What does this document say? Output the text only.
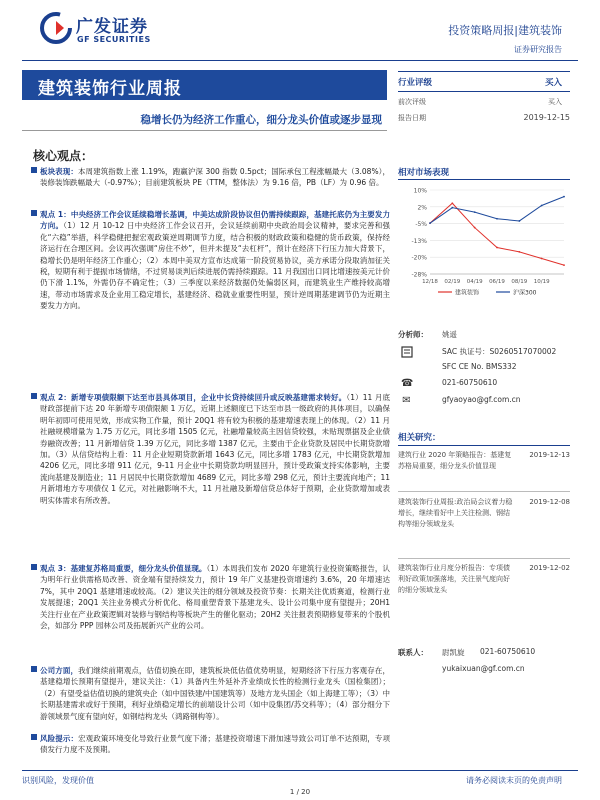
广发证券
GF SECURITIES
投资策略周报|建筑装饰
证券研究报告
建筑装饰行业周报
稳增长仍为经济工作重心，细分龙头价值或逐步显现
核心观点：
板块表现：本周建筑指数上涨 1.19%，跑赢沪深 300 指数 0.5pct；国际承包工程涨幅最大（3.08%），装修装饰跌幅最大（-0.97%）；目前建筑板块 PE（TTM，整体法）为 9.16 倍，PB（LF）为 0.96 倍。
观点 1：中央经济工作会议延续稳增长基调，中美达成阶段协议但仍需持续跟踪，基建托底仍为主要发力方向。（1）12 月 10-12 日中央经济工作会议召开，会议延续前期中央政治局会议精神，要求完善和强化“六稳”举措，科学稳健把握宏观政策逆周期调节力度，结合积极的财政政策和稳健的货币政策，保持经济运行在合理区间。会议再次强调“房住不炒”，但并未提及“去杠杆”，预计在经济下行压力加大背景下，稳增长仍是明年经济工作重心；（2）本周中美双方宣布达成第一阶段贸易协议，美方承诺分段取消加征关税，短期有利于提振市场情绪，不过贸易谈判后续进展仍需持续跟踪。11 月我国出口同比增速按美元计价仍下滑 1.1%，外需仍存不确定性；（3）三季度以来经济数据仍处偏弱区间，而建筑业生产维持较高增速，带动市场需求及企业用工稳定增长，基建经济、稳就业重要性明显，预计逆周期基建调节仍为近期主要发力方向。
观点 2：新增专项债限额下达至市县具体项目，企业中长贷持续回升或反映基建需求转好。（1）11 月底财政部提前下达 20 年新增专项债限额 1 万亿，近期上述额度已下达至市县一级政府的具体项目，以确保明年初即可使用见效，形成实物工作量，预计 20Q1 将有较为积极的基建增速表现上的体现。（2）11 月社融规模增量为 1.75 万亿元，同比多增 1505 亿元，社融增量较高主因信贷较强，未贴现票据及企业债券融资改善；11 月新增信贷 1.39 万亿元，同比多增 1387 亿元，主要由于企业贷款及居民中长期贷款增加。（3）从信贷结构上看：11 月企业短期贷款新增 1643 亿元，同比多增 1783 亿元，中长期贷款增加 4206 亿元，同比多增 911 亿元，9-11 月企业中长期贷款均明显回升，预计受政策支持实体影响，主要流向基建及制造业；11 月居民中长期贷款增加 4689 亿元，同比多增 298 亿元，预计主要流向地产；11 月新增地方专项债仅 1 亿元，对社融影响不大，11 月社融及新增信贷总体好于预期，企业贷款增加或表明实体需求有所改善。
观点 3：基建复苏格局重要，细分龙头价值显现。（1）本周我们发布 2020 年建筑行业投资策略报告，认为明年行业供需格局改善、资金端有望持续发力，预计 19 年广义基建投资增速约 3.6%，20 年增速达 7%，其中 20Q1 基建增速或较高。（2）建议关注的细分领域及投资节奏：长期关注优质赛道，检测行业发展提速；20Q1 关注业务模式分析优化、格局重塑背景下基建龙头、设计公司集中度有望提升；20H1 关注行业在产业政策逻辑对装修与钢结构等板块产生的催化驱动；20H2 关注报表预期修复带来的个股机会，如部分 PPP 园林公司及拓展新兴产业的公司。
公司方面，我们继续前期观点，估值切换在即，建筑板块低估值优势明显，短期经济下行压力客观存在，基建稳增长预期有望提升，建议关注：（1）具备内生外延补齐业绩成长性的检测行业龙头（国检集团）；（2）有望受益估值切换的建筑央企（如中国铁建/中国建筑等）及地方龙头国企（如上海建工等）；（3）中长期基建需求或好于预期，利好业绩稳定增长的前端设计公司（如中设集团/苏交科等）；（4）部分细分下游领域景气度有望向好，如钢结构龙头（鸿路钢构等）。
风险提示：宏观政策环境变化导致行业景气度下滑；基建投资增速下滑加速导致公司订单不达预期，专项债发行力度不及预期。
行业评级	买入
前次评级	买入
报告日期	2019-12-15
相对市场表现
10%
2%
-5%
-13%
-20%
-28%
12/18 02/19 04/19 06/19 08/19 10/19
建筑装饰	沪深300
分析师： 姚遥
SAC 执证号：S0260517070002
SFC CE No. BMS332
☎	021-60750610
✉	gfyaoyao@gf.com.cn
相关研究：
建筑行业 2020 年策略报告：基建复苏格局重要，细分龙头价值显现
2019-12-13
建筑装饰行业周报:政治局会议着力稳增长，继续看好中上关注检测、钢结构等细分领域龙头
2019-12-08
建筑装饰行业月度分析报告：专项债利好政策加强落地，关注景气度向好的细分领域龙头
2019-12-02
联系人： 尉凯旋 021-60750610
yukaixuan@gf.com.cn
识别风险，发现价值	请务必阅读末页的免责声明
1 / 20
